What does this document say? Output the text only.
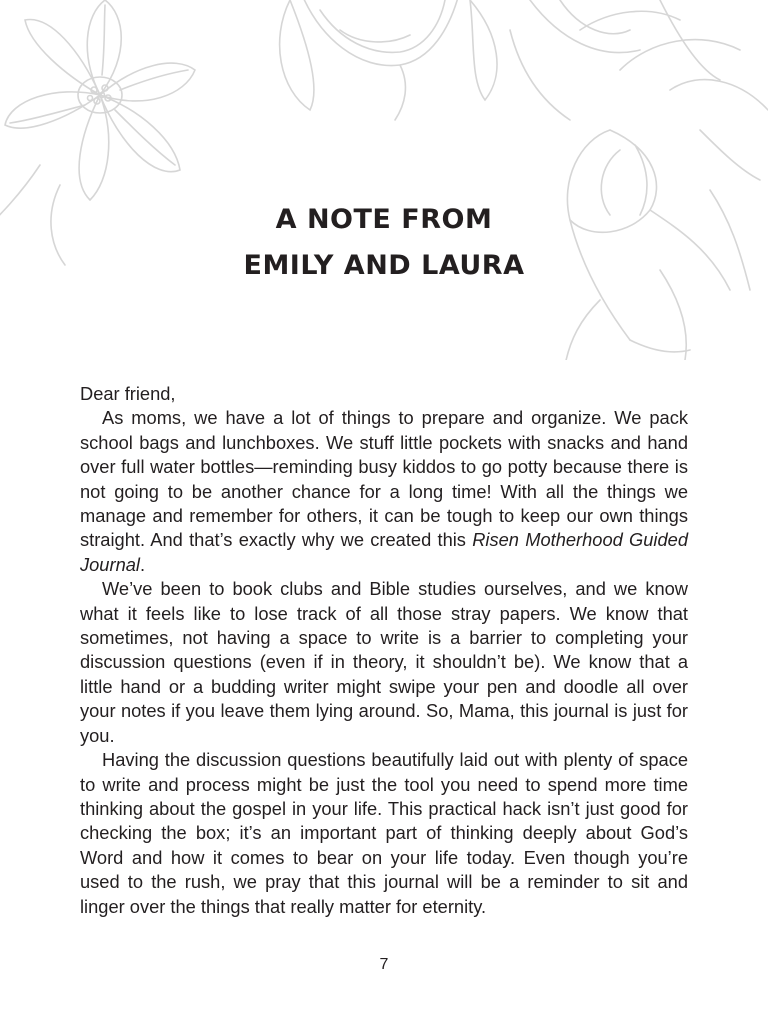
A NOTE FROM
EMILY AND LAURA

Dear friend,

As moms, we have a lot of things to prepare and organize. We pack school bags and lunchboxes. We stuff little pockets with snacks and hand over full water bottles—reminding busy kiddos to go potty because there is not going to be another chance for a long time! With all the things we manage and remember for others, it can be tough to keep our own things straight. And that’s exactly why we created this Risen Motherhood Guided Journal.

We’ve been to book clubs and Bible studies ourselves, and we know what it feels like to lose track of all those stray papers. We know that sometimes, not having a space to write is a barrier to completing your discussion questions (even if in theory, it shouldn’t be). We know that a little hand or a budding writer might swipe your pen and doodle all over your notes if you leave them lying around. So, Mama, this journal is just for you.

Having the discussion questions beautifully laid out with plenty of space to write and process might be just the tool you need to spend more time thinking about the gospel in your life. This practical hack isn’t just good for checking the box; it’s an important part of thinking deeply about God’s Word and how it comes to bear on your life today. Even though you’re used to the rush, we pray that this journal will be a reminder to sit and linger over the things that really matter for eternity.

7
